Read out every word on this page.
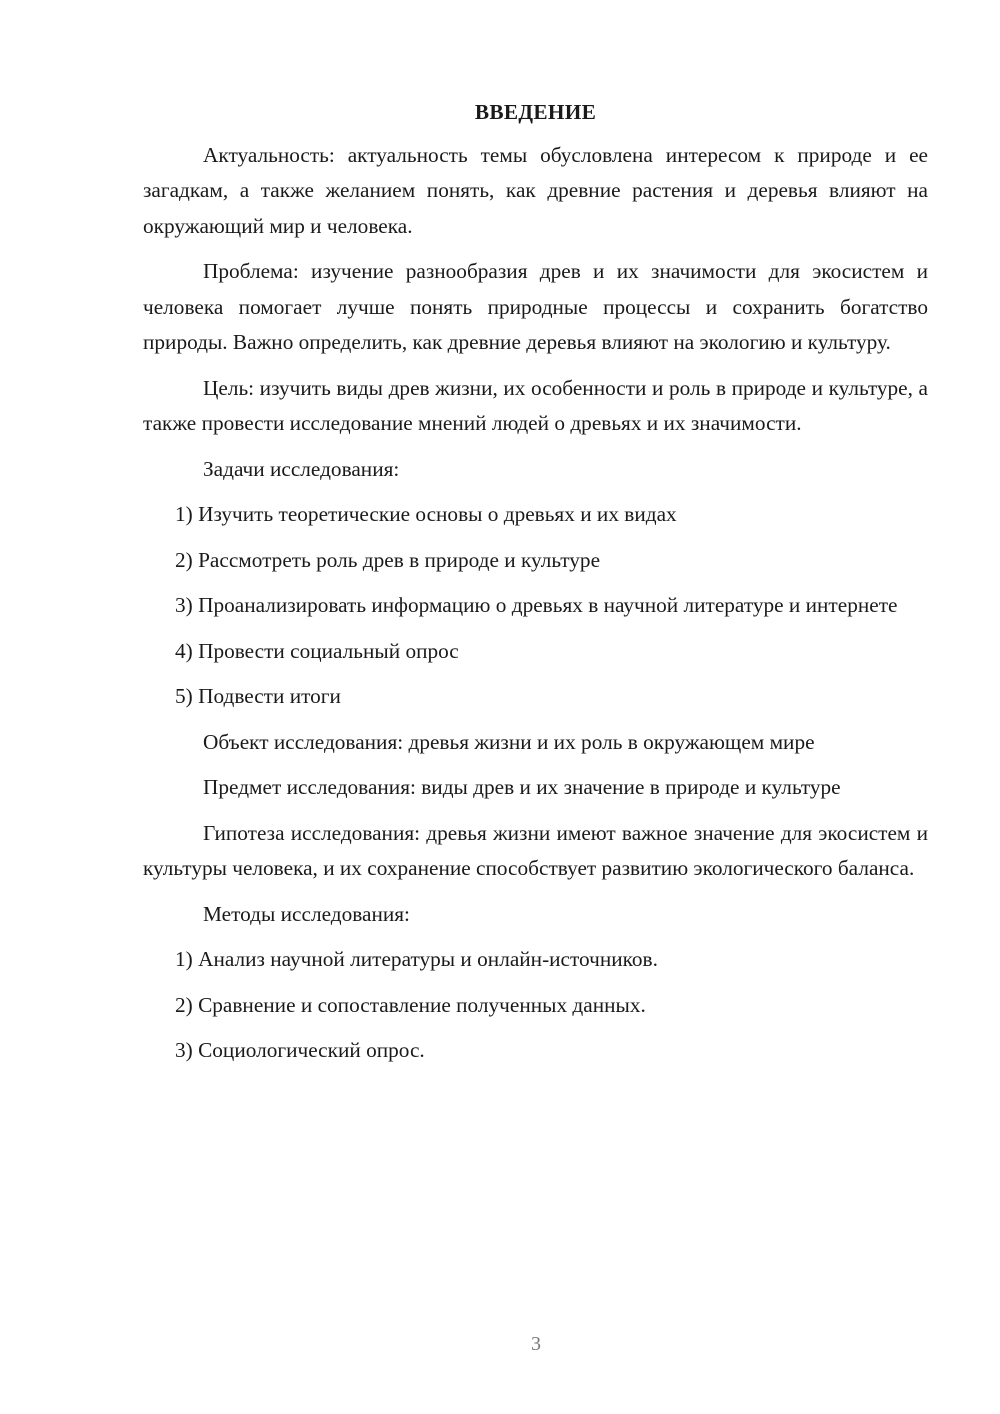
ВВЕДЕНИЕ

Актуальность: актуальность темы обусловлена интересом к природе и ее загадкам, а также желанием понять, как древние растения и деревья влияют на окружающий мир и человека.

Проблема: изучение разнообразия древ и их значимости для экосистем и человека помогает лучше понять природные процессы и сохранить богатство природы. Важно определить, как древние деревья влияют на экологию и культуру.

Цель: изучить виды древ жизни, их особенности и роль в природе и культуре, а также провести исследование мнений людей о древьях и их значимости.

Задачи исследования:

1) Изучить теоретические основы о древьях и их видах

2) Рассмотреть роль древ в природе и культуре

3) Проанализировать информацию о древьях в научной литературе и интернете

4) Провести социальный опрос

5) Подвести итоги

Объект исследования: древья жизни и их роль в окружающем мире

Предмет исследования: виды древ и их значение в природе и культуре

Гипотеза исследования: древья жизни имеют важное значение для экосистем и культуры человека, и их сохранение способствует развитию экологического баланса.

Методы исследования:

1) Анализ научной литературы и онлайн-источников.

2) Сравнение и сопоставление полученных данных.

3) Социологический опрос.

3
